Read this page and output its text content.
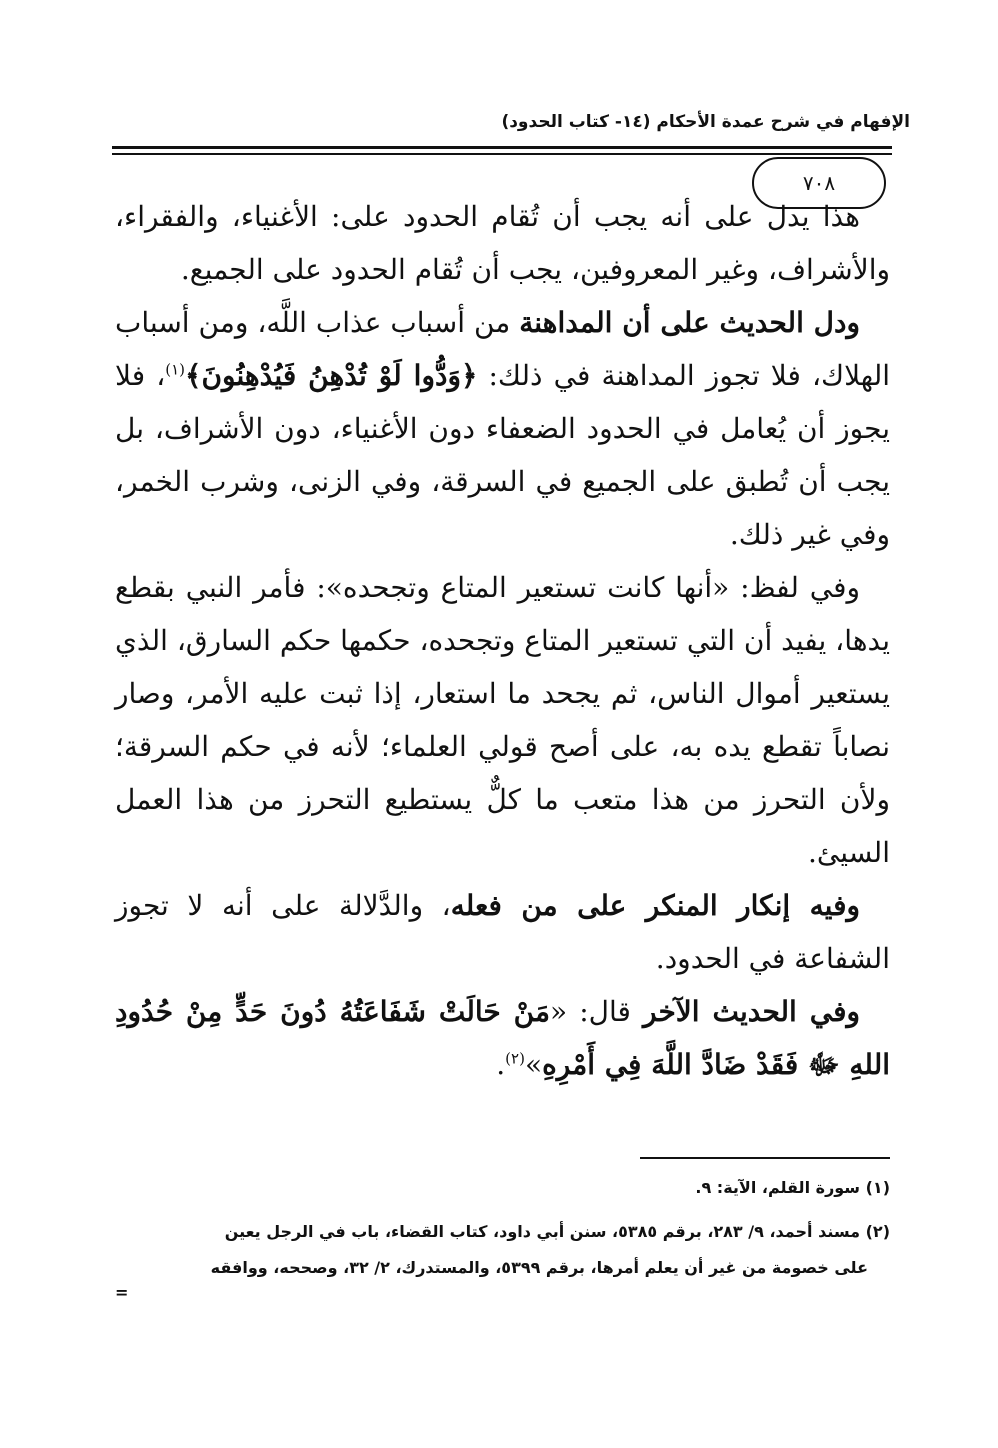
الإفهام في شرح عمدة الأحكام (١٤- كتاب الحدود)
٧٠٨

هذا يدل على أنه يجب أن تُقام الحدود على: الأغنياء، والفقراء، والأشراف، وغير المعروفين، يجب أن تُقام الحدود على الجميع.

ودل الحديث على أن المداهنة من أسباب عذاب اللَّه، ومن أسباب الهلاك، فلا تجوز المداهنة في ذلك: ﴿وَدُّوا لَوْ تُدْهِنُ فَيُدْهِنُونَ﴾$^{(١)}$، فلا يجوز أن يُعامل في الحدود الضعفاء دون الأغنياء، دون الأشراف، بل يجب أن تُطبق على الجميع في السرقة، وفي الزنى، وشرب الخمر، وفي غير ذلك.

وفي لفظ: «أنها كانت تستعير المتاع وتجحده»: فأمر النبي بقطع يدها، يفيد أن التي تستعير المتاع وتجحده، حكمها حكم السارق، الذي يستعير أموال الناس، ثم يجحد ما استعار، إذا ثبت عليه الأمر، وصار نصاباً تقطع يده به، على أصح قولي العلماء؛ لأنه في حكم السرقة؛ ولأن التحرز من هذا متعب ما كلٌّ يستطيع التحرز من هذا العمل السيئ.

وفيه إنكار المنكر على من فعله، والدَّلالة على أنه لا تجوز الشفاعة في الحدود.

وفي الحديث الآخر قال: «مَنْ حَالَتْ شَفَاعَتُهُ دُونَ حَدٍّ مِنْ حُدُودِ اللهِ ﷻ فَقَدْ ضَادَّ اللَّهَ فِي أَمْرِهِ»$^{(٢)}$.

(١) سورة القلم، الآية: ٩.

(٢) مسند أحمد، ٩/ ٢٨٣، برقم ٥٣٨٥، سنن أبي داود، كتاب القضاء، باب في الرجل يعين

على خصومة من غير أن يعلم أمرها، برقم ٥٣٩٩، والمستدرك، ٢/ ٣٢، وصححه، ووافقه

=
